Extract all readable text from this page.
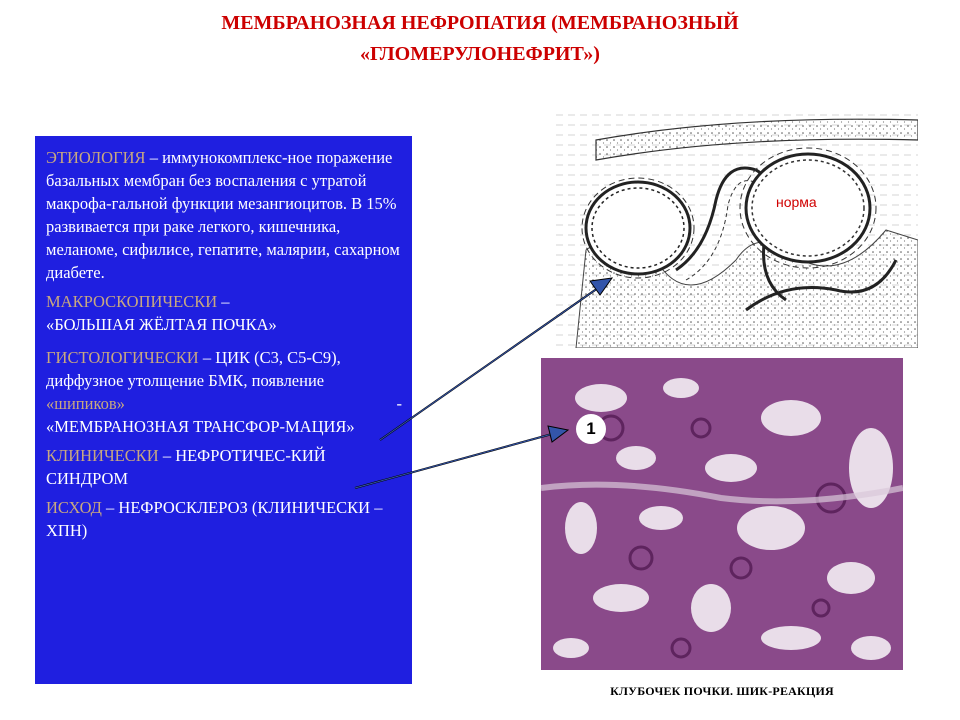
МЕМБРАНОЗНАЯ НЕФРОПАТИЯ (МЕМБРАНОЗНЫЙ
«ГЛОМЕРУЛОНЕФРИТ»)

ЭТИОЛОГИЯ – иммунокомплекс-ное поражение базальных мембран без воспаления с утратой макрофа-гальной функции мезангиоцитов. В 15% развивается при раке легкого, кишечника, меланоме, сифилисе, гепатите, малярии, сахарном диабете.

МАКРОСКОПИЧЕСКИ –
«БОЛЬШАЯ ЖЁЛТАЯ ПОЧКА»

ГИСТОЛОГИЧЕСКИ – ЦИК (С3, С5-С9), диффузное утолщение БМК, появление «шипиков»	-

«МЕМБРАНОЗНАЯ ТРАНСФОР-МАЦИЯ»

КЛИНИЧЕСКИ – НЕФРОТИЧЕС-КИЙ СИНДРОМ

ИСХОД – НЕФРОСКЛЕРОЗ (КЛИНИЧЕСКИ – ХПН)

норма
1
КЛУБОЧЕК ПОЧКИ. ШИК-РЕАКЦИЯ
